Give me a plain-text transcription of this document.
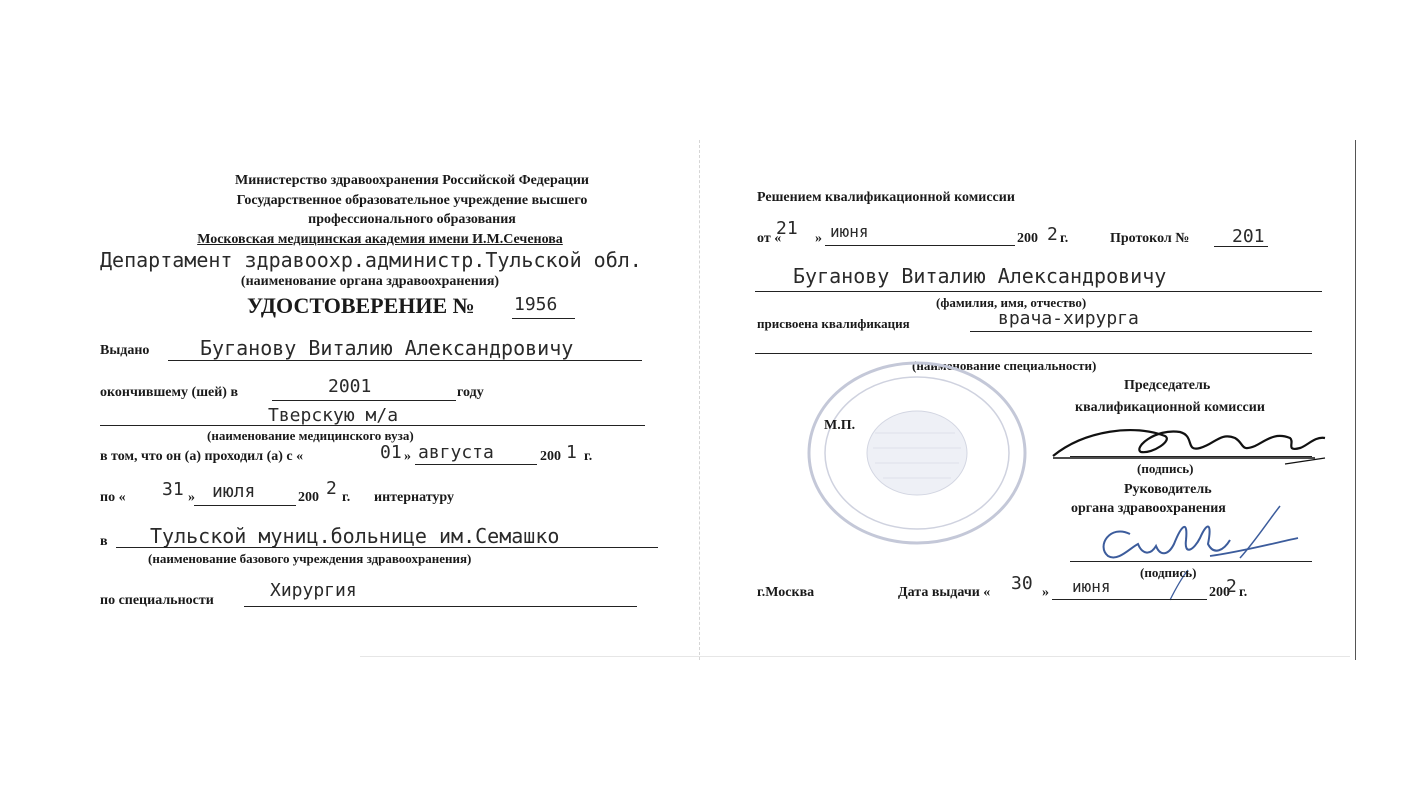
Министерство здравоохранения Российской Федерации
Государственное образовательное учреждение высшего
профессионального образования
Московская медицинская академия имени И.М.Сеченова
Департамент здравоохр.администр.Тульской обл.
(наименование органа здравоохранения)
УДОСТОВЕРЕНИЕ № 1956
Выдано	Буганову Виталию Александровичу
окончившему (шей) в	2001	году
Тверскую м/а
(наименование медицинского вуза)
в том, что он (а) проходил (а) с «	01 » августа	200 1 г.
по « 31 » июля	200 2 г. интернатуру
в Тульской муниц.больнице им.Семашко
(наименование базового учреждения здравоохранения)
по специальности	Хирургия
Решением квалификационной комиссии
от «
21 » июня	200 2 г.	Протокол № 201
Буганову Виталию Александровичу
(фамилия, имя, отчество)
присвоена квалификация	врача-хирурга
(наименование специальности)
М.П.
Председатель
квалификационной комиссии
(подпись)
Руководитель
органа здравоохранения
(подпись)
г.Москва	Дата выдачи « 30 » июня	200
2 г.
